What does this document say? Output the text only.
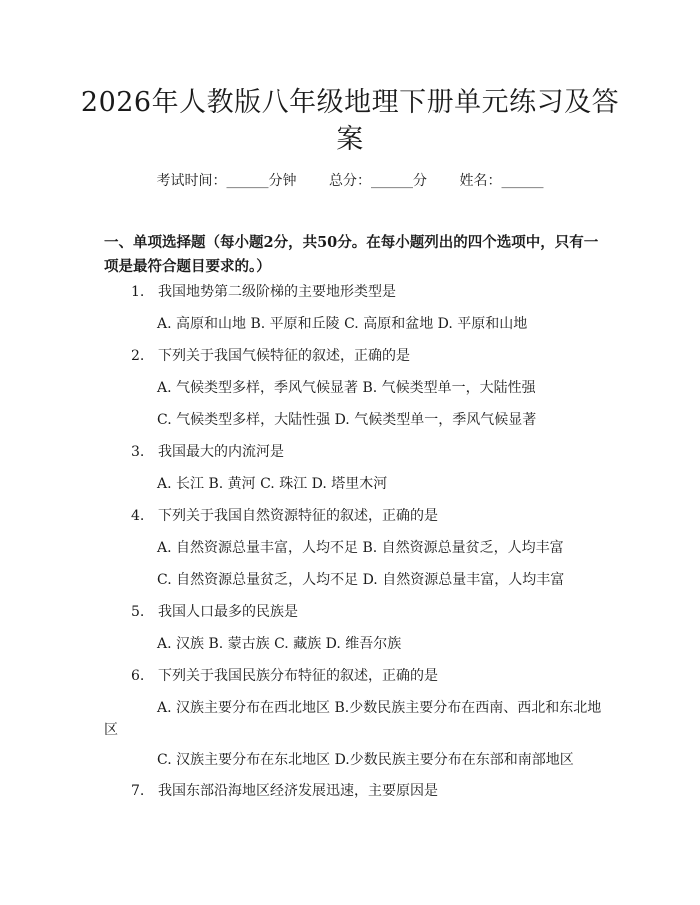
2026年人教版八年级地理下册单元练习及答
案
考试时间：______分钟 总分：______分 姓名：______
一、单项选择题（每小题2分，共50分。在每小题列出的四个选项中，只有一项是最符合题目要求的。）
1. 我国地势第二级阶梯的主要地形类型是
A. 高原和山地 B. 平原和丘陵 C. 高原和盆地 D. 平原和山地
2. 下列关于我国气候特征的叙述，正确的是
A. 气候类型多样，季风气候显著 B. 气候类型单一，大陆性强
C. 气候类型多样，大陆性强 D. 气候类型单一，季风气候显著
3. 我国最大的内流河是
A. 长江 B. 黄河 C. 珠江 D. 塔里木河
4. 下列关于我国自然资源特征的叙述，正确的是
A. 自然资源总量丰富，人均不足 B. 自然资源总量贫乏，人均丰富
C. 自然资源总量贫乏，人均不足 D. 自然资源总量丰富，人均丰富
5. 我国人口最多的民族是
A. 汉族 B. 蒙古族 C. 藏族 D. 维吾尔族
6. 下列关于我国民族分布特征的叙述，正确的是
A. 汉族主要分布在西北地区 B.少数民族主要分布在西南、西北和东北地
区
C. 汉族主要分布在东北地区 D.少数民族主要分布在东部和南部地区
7. 我国东部沿海地区经济发展迅速，主要原因是
